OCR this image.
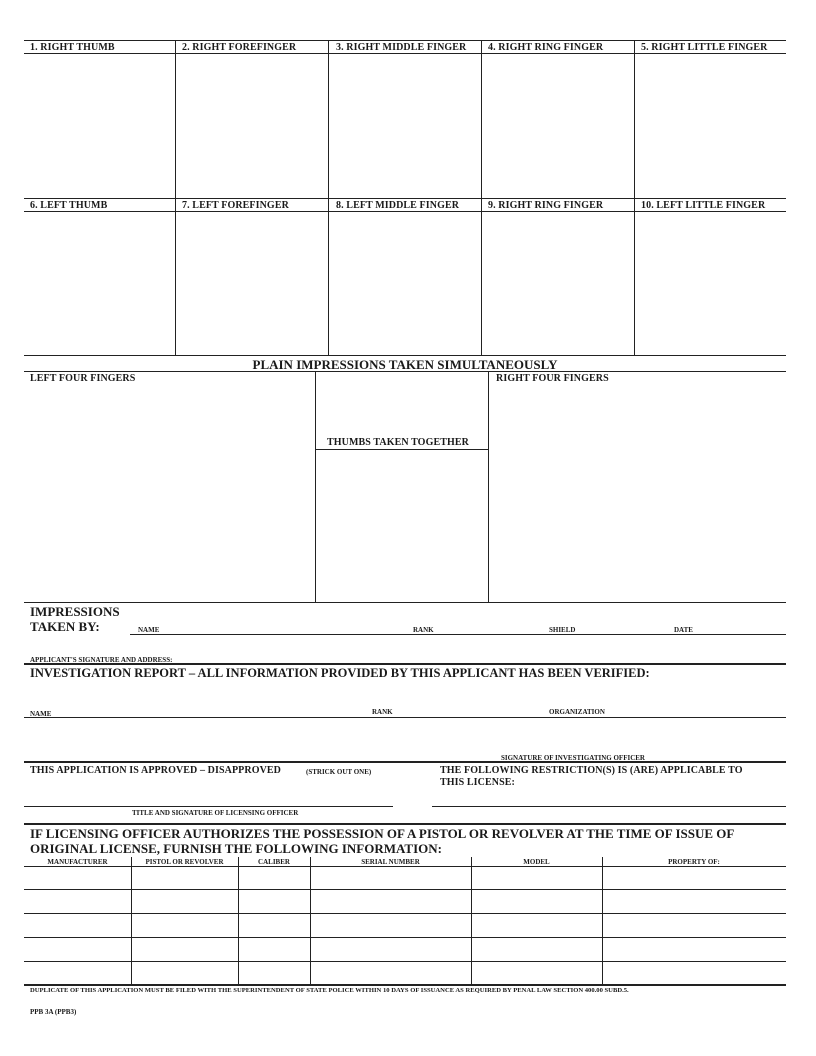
1. RIGHT THUMB	2. RIGHT FOREFINGER	3. RIGHT MIDDLE FINGER 4. RIGHT RING FINGER	5. RIGHT LITTLE FINGER
6. LEFT THUMB	7. LEFT FOREFINGER	8. LEFT MIDDLE FINGER	9. RIGHT RING FINGER	10. LEFT LITTLE FINGER
PLAIN IMPRESSIONS TAKEN SIMULTANEOUSLY
LEFT FOUR FINGERS
THUMBS TAKEN TOGETHER
RIGHT FOUR FINGERS
IMPRESSIONS
TAKEN BY:	NAME	RANK	SHIELD	DATE
APPLICANT'S SIGNATURE AND ADDRESS:
INVESTIGATION REPORT – ALL INFORMATION PROVIDED BY THIS APPLICANT HAS BEEN VERIFIED:
NAME	RANK	ORGANIZATION
SIGNATURE OF INVESTIGATING OFFICER
THIS APPLICATION IS APPROVED – DISAPPROVED	(STRICK OUT ONE)	THE FOLLOWING RESTRICTION(S) IS (ARE) APPLICABLE TO
THIS LICENSE:
TITLE AND SIGNATURE OF LICENSING OFFICER
IF LICENSING OFFICER AUTHORIZES THE POSSESSION OF A PISTOL OR REVOLVER AT THE TIME OF ISSUE OF
ORIGINAL LICENSE, FURNISH THE FOLLOWING INFORMATION:
MANUFACTURER	PISTOL OR REVOLVER	CALIBER	SERIAL NUMBER	MODEL	PROPERTY OF:
DUPLICATE OF THIS APPLICATION MUST BE FILED WITH THE SUPERINTENDENT OF STATE POLICE WITHIN 10 DAYS OF ISSUANCE AS REQUIRED BY PENAL LAW SECTION 400.00 SUBD.5.
PPB 3A (PPB3)
